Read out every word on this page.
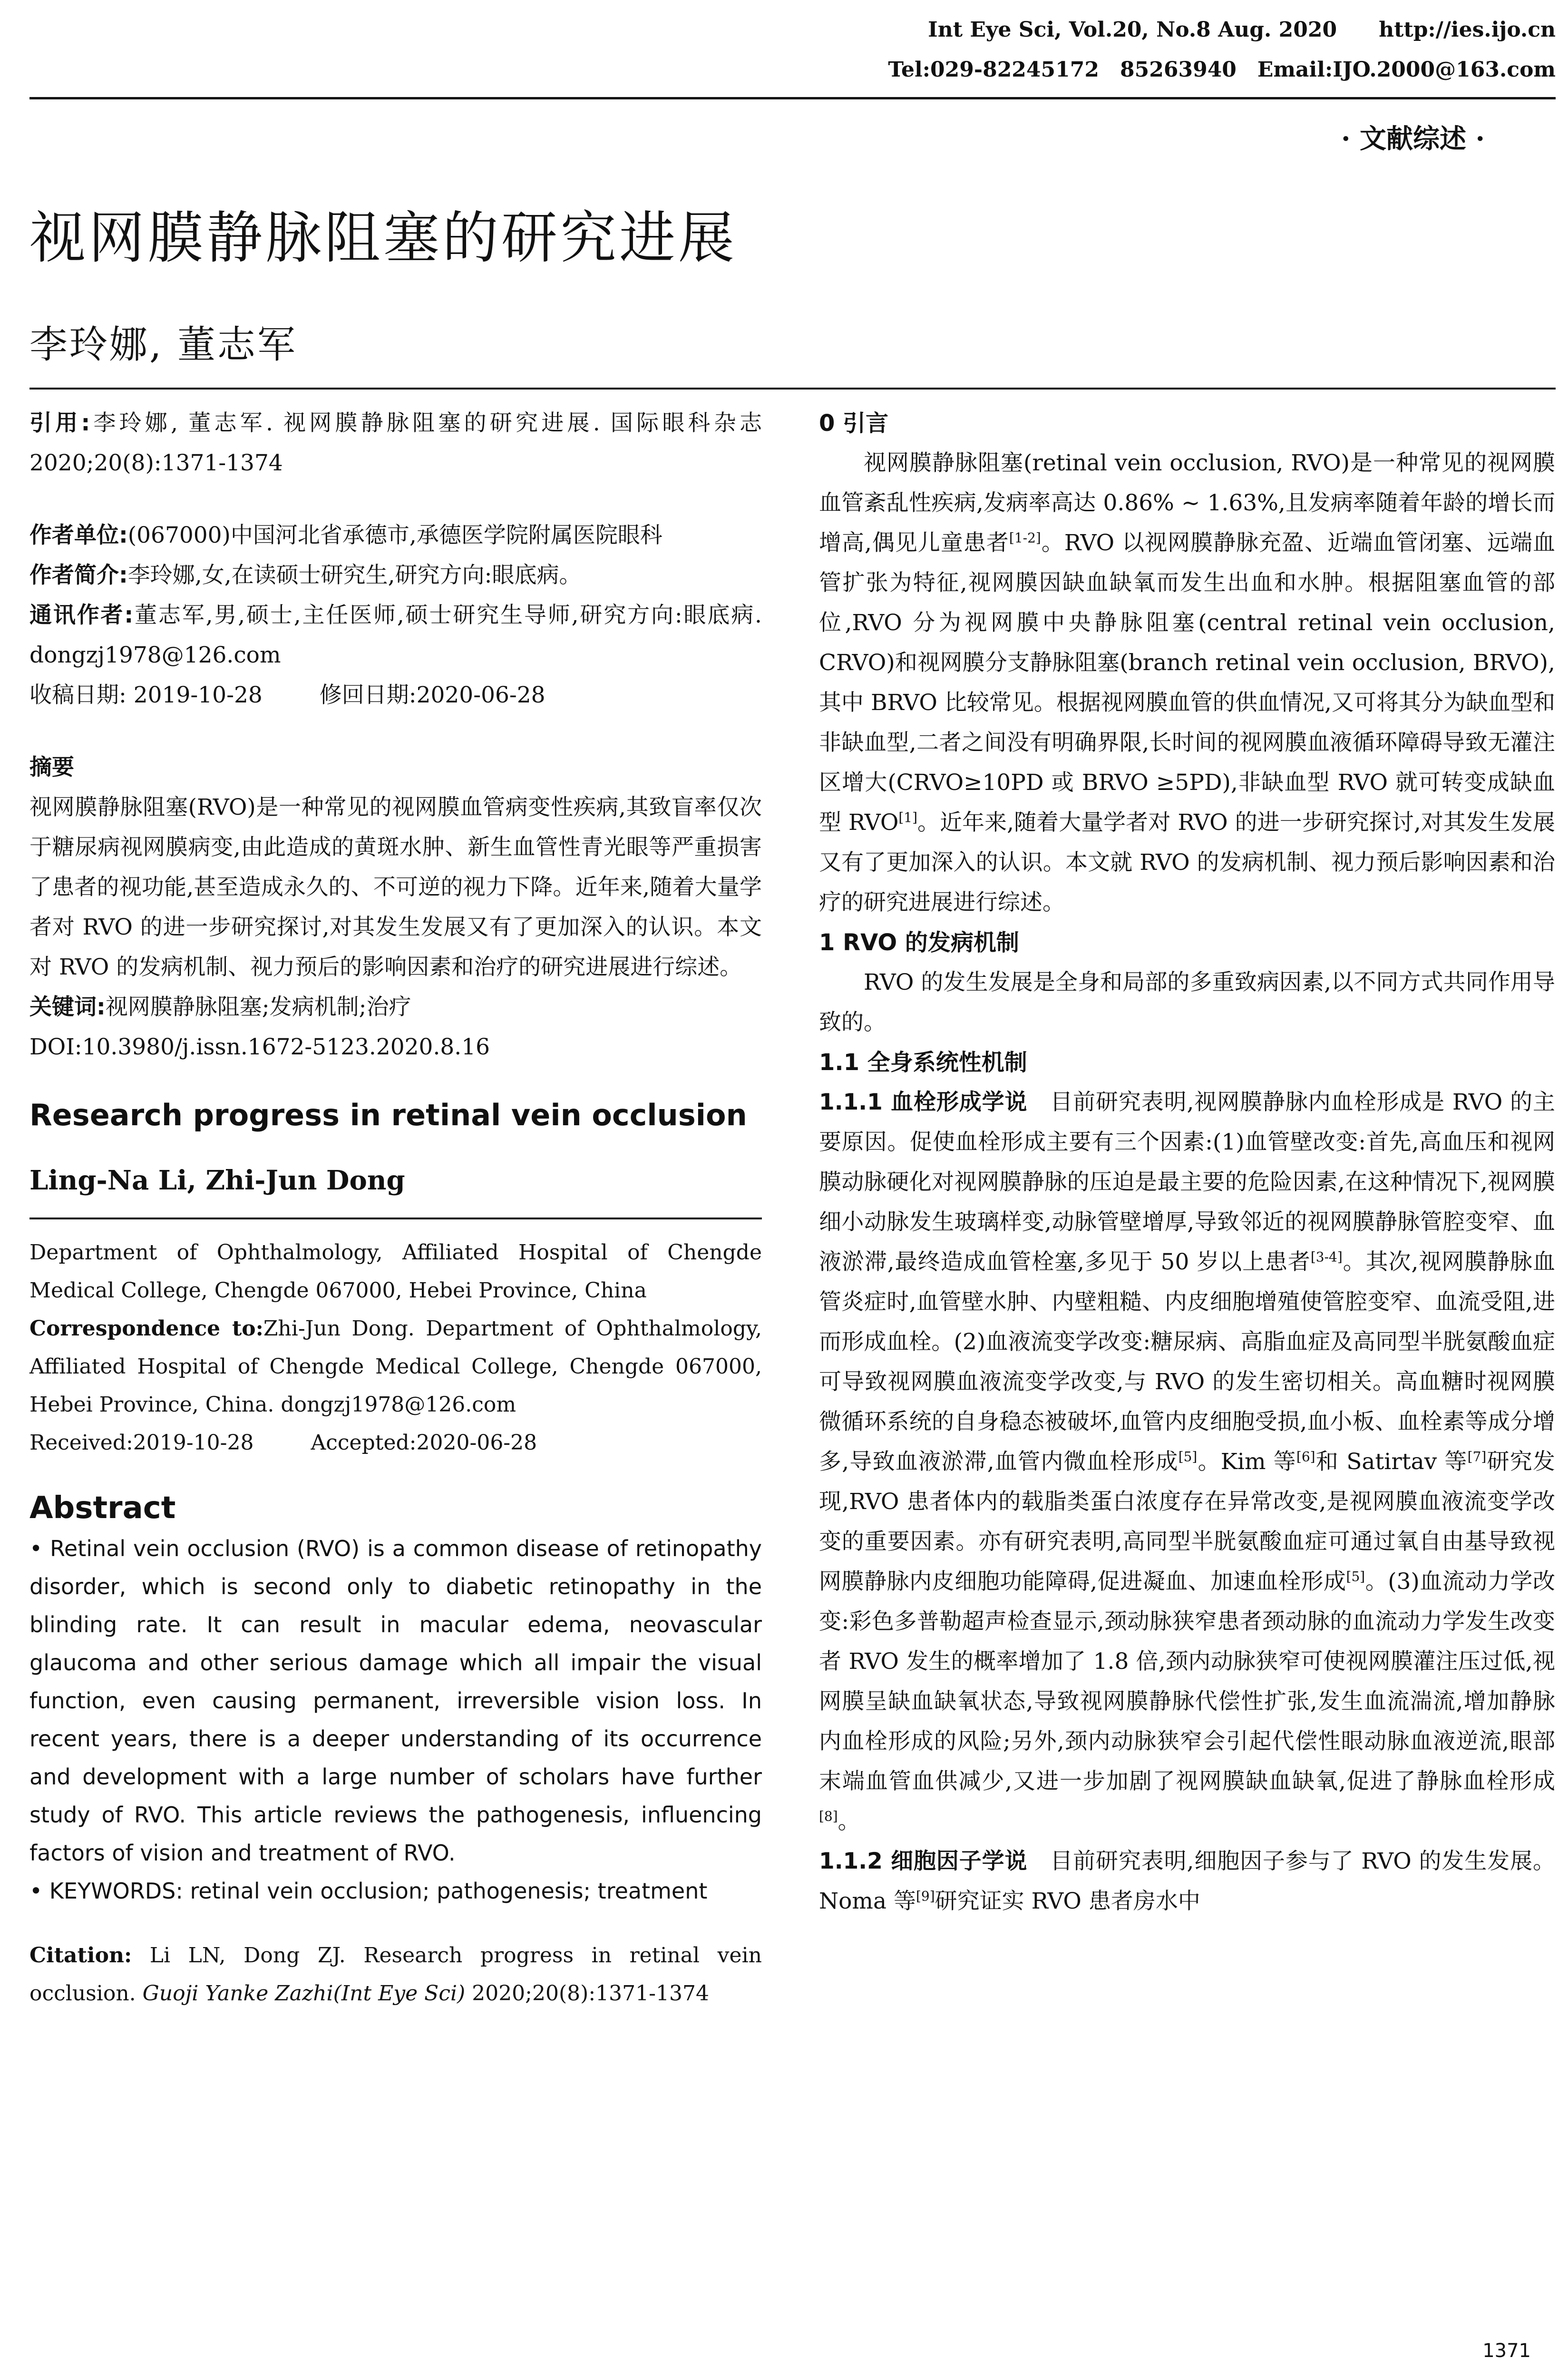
Int Eye Sci, Vol.20, No.8 Aug. 2020　　http://ies.ijo.cn
Tel:029-82245172　85263940　Email:IJO.2000@163.com
· 文献综述 ·
视网膜静脉阻塞的研究进展
李玲娜, 董志军

引用:李玲娜, 董志军. 视网膜静脉阻塞的研究进展. 国际眼科杂志 2020;20(8):1371-1374

作者单位:(067000)中国河北省承德市,承德医学院附属医院眼科

作者简介:李玲娜,女,在读硕士研究生,研究方向:眼底病。

通讯作者:董志军,男,硕士,主任医师,硕士研究生导师,研究方向:眼底病. dongzj1978@126.com

收稿日期: 2019-10-28	修回日期:2020-06-28

摘要

视网膜静脉阻塞(RVO)是一种常见的视网膜血管病变性疾病,其致盲率仅次于糖尿病视网膜病变,由此造成的黄斑水肿、新生血管性青光眼等严重损害了患者的视功能,甚至造成永久的、不可逆的视力下降。近年来,随着大量学者对 RVO 的进一步研究探讨,对其发生发展又有了更加深入的认识。本文对 RVO 的发病机制、视力预后的影响因素和治疗的研究进展进行综述。

关键词:视网膜静脉阻塞;发病机制;治疗

DOI:10.3980/j.issn.1672-5123.2020.8.16

Research progress in retinal vein occlusion

Ling-Na Li, Zhi-Jun Dong

Department of Ophthalmology, Affiliated Hospital of Chengde Medical College, Chengde 067000, Hebei Province, China

Correspondence to:Zhi-Jun Dong. Department of Ophthalmology, Affiliated Hospital of Chengde Medical College, Chengde 067000, Hebei Province, China. dongzj1978@126.com

Received:2019-10-28	Accepted:2020-06-28

Abstract

• Retinal vein occlusion (RVO) is a common disease of retinopathy disorder, which is second only to diabetic retinopathy in the blinding rate. It can result in macular edema, neovascular glaucoma and other serious damage which all impair the visual function, even causing permanent, irreversible vision loss. In recent years, there is a deeper understanding of its occurrence and development with a large number of scholars have further study of RVO. This article reviews the pathogenesis, influencing factors of vision and treatment of RVO.

• KEYWORDS: retinal vein occlusion; pathogenesis; treatment

Citation: Li LN, Dong ZJ. Research progress in retinal vein occlusion. Guoji Yanke Zazhi(Int Eye Sci) 2020;20(8):1371-1374

0 引言

视网膜静脉阻塞(retinal vein occlusion, RVO)是一种常见的视网膜血管紊乱性疾病,发病率高达 0.86% ~ 1.63%,且发病率随着年龄的增长而增高,偶见儿童患者[1-2]。RVO 以视网膜静脉充盈、近端血管闭塞、远端血管扩张为特征,视网膜因缺血缺氧而发生出血和水肿。根据阻塞血管的部位,RVO 分为视网膜中央静脉阻塞(central retinal vein occlusion, CRVO)和视网膜分支静脉阻塞(branch retinal vein occlusion, BRVO),其中 BRVO 比较常见。根据视网膜血管的供血情况,又可将其分为缺血型和非缺血型,二者之间没有明确界限,长时间的视网膜血液循环障碍导致无灌注区增大(CRVO≥10PD 或 BRVO ≥5PD),非缺血型 RVO 就可转变成缺血型 RVO[1]。近年来,随着大量学者对 RVO 的进一步研究探讨,对其发生发展又有了更加深入的认识。本文就 RVO 的发病机制、视力预后影响因素和治疗的研究进展进行综述。

1 RVO 的发病机制

RVO 的发生发展是全身和局部的多重致病因素,以不同方式共同作用导致的。

1.1 全身系统性机制

1.1.1 血栓形成学说　目前研究表明,视网膜静脉内血栓形成是 RVO 的主要原因。促使血栓形成主要有三个因素:(1)血管壁改变:首先,高血压和视网膜动脉硬化对视网膜静脉的压迫是最主要的危险因素,在这种情况下,视网膜细小动脉发生玻璃样变,动脉管壁增厚,导致邻近的视网膜静脉管腔变窄、血液淤滞,最终造成血管栓塞,多见于 50 岁以上患者[3-4]。其次,视网膜静脉血管炎症时,血管壁水肿、内壁粗糙、内皮细胞增殖使管腔变窄、血流受阻,进而形成血栓。(2)血液流变学改变:糖尿病、高脂血症及高同型半胱氨酸血症可导致视网膜血液流变学改变,与 RVO 的发生密切相关。高血糖时视网膜微循环系统的自身稳态被破坏,血管内皮细胞受损,血小板、血栓素等成分增多,导致血液淤滞,血管内微血栓形成[5]。Kim 等[6]和 Satirtav 等[7]研究发现,RVO 患者体内的载脂类蛋白浓度存在异常改变,是视网膜血液流变学改变的重要因素。亦有研究表明,高同型半胱氨酸血症可通过氧自由基导致视网膜静脉内皮细胞功能障碍,促进凝血、加速血栓形成[5]。(3)血流动力学改变:彩色多普勒超声检查显示,颈动脉狭窄患者颈动脉的血流动力学发生改变者 RVO 发生的概率增加了 1.8 倍,颈内动脉狭窄可使视网膜灌注压过低,视网膜呈缺血缺氧状态,导致视网膜静脉代偿性扩张,发生血流湍流,增加静脉内血栓形成的风险;另外,颈内动脉狭窄会引起代偿性眼动脉血液逆流,眼部末端血管血供减少,又进一步加剧了视网膜缺血缺氧,促进了静脉血栓形成[8]。

1.1.2 细胞因子学说　目前研究表明,细胞因子参与了 RVO 的发生发展。Noma 等[9]研究证实 RVO 患者房水中

1371
